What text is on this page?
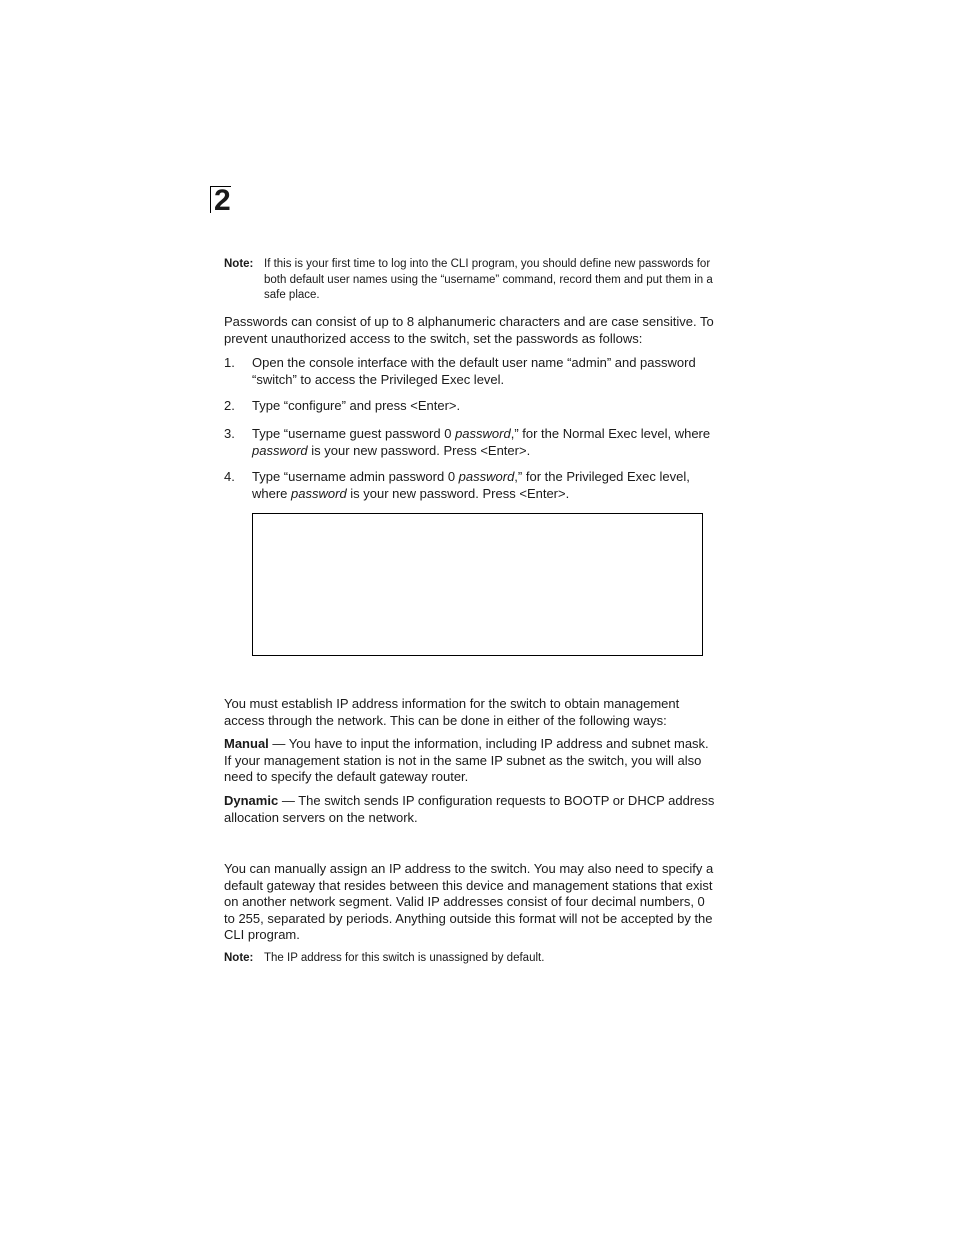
2
Note: If this is your first time to log into the CLI program, you should define new passwords for both default user names using the “username” command, record them and put them in a safe place.

Passwords can consist of up to 8 alphanumeric characters and are case sensitive. To prevent unauthorized access to the switch, set the passwords as follows:

1. Open the console interface with the default user name “admin” and password “switch” to access the Privileged Exec level.
2. Type “configure” and press <Enter>.
3. Type “username guest password 0 password,” for the Normal Exec level, where password is your new password. Press <Enter>.
4. Type “username admin password 0 password,” for the Privileged Exec level, where password is your new password. Press <Enter>.

You must establish IP address information for the switch to obtain management access through the network. This can be done in either of the following ways:

Manual — You have to input the information, including IP address and subnet mask. If your management station is not in the same IP subnet as the switch, you will also need to specify the default gateway router.

Dynamic — The switch sends IP configuration requests to BOOTP or DHCP address allocation servers on the network.

You can manually assign an IP address to the switch. You may also need to specify a default gateway that resides between this device and management stations that exist on another network segment. Valid IP addresses consist of four decimal numbers, 0 to 255, separated by periods. Anything outside this format will not be accepted by the CLI program.

Note: The IP address for this switch is unassigned by default.
